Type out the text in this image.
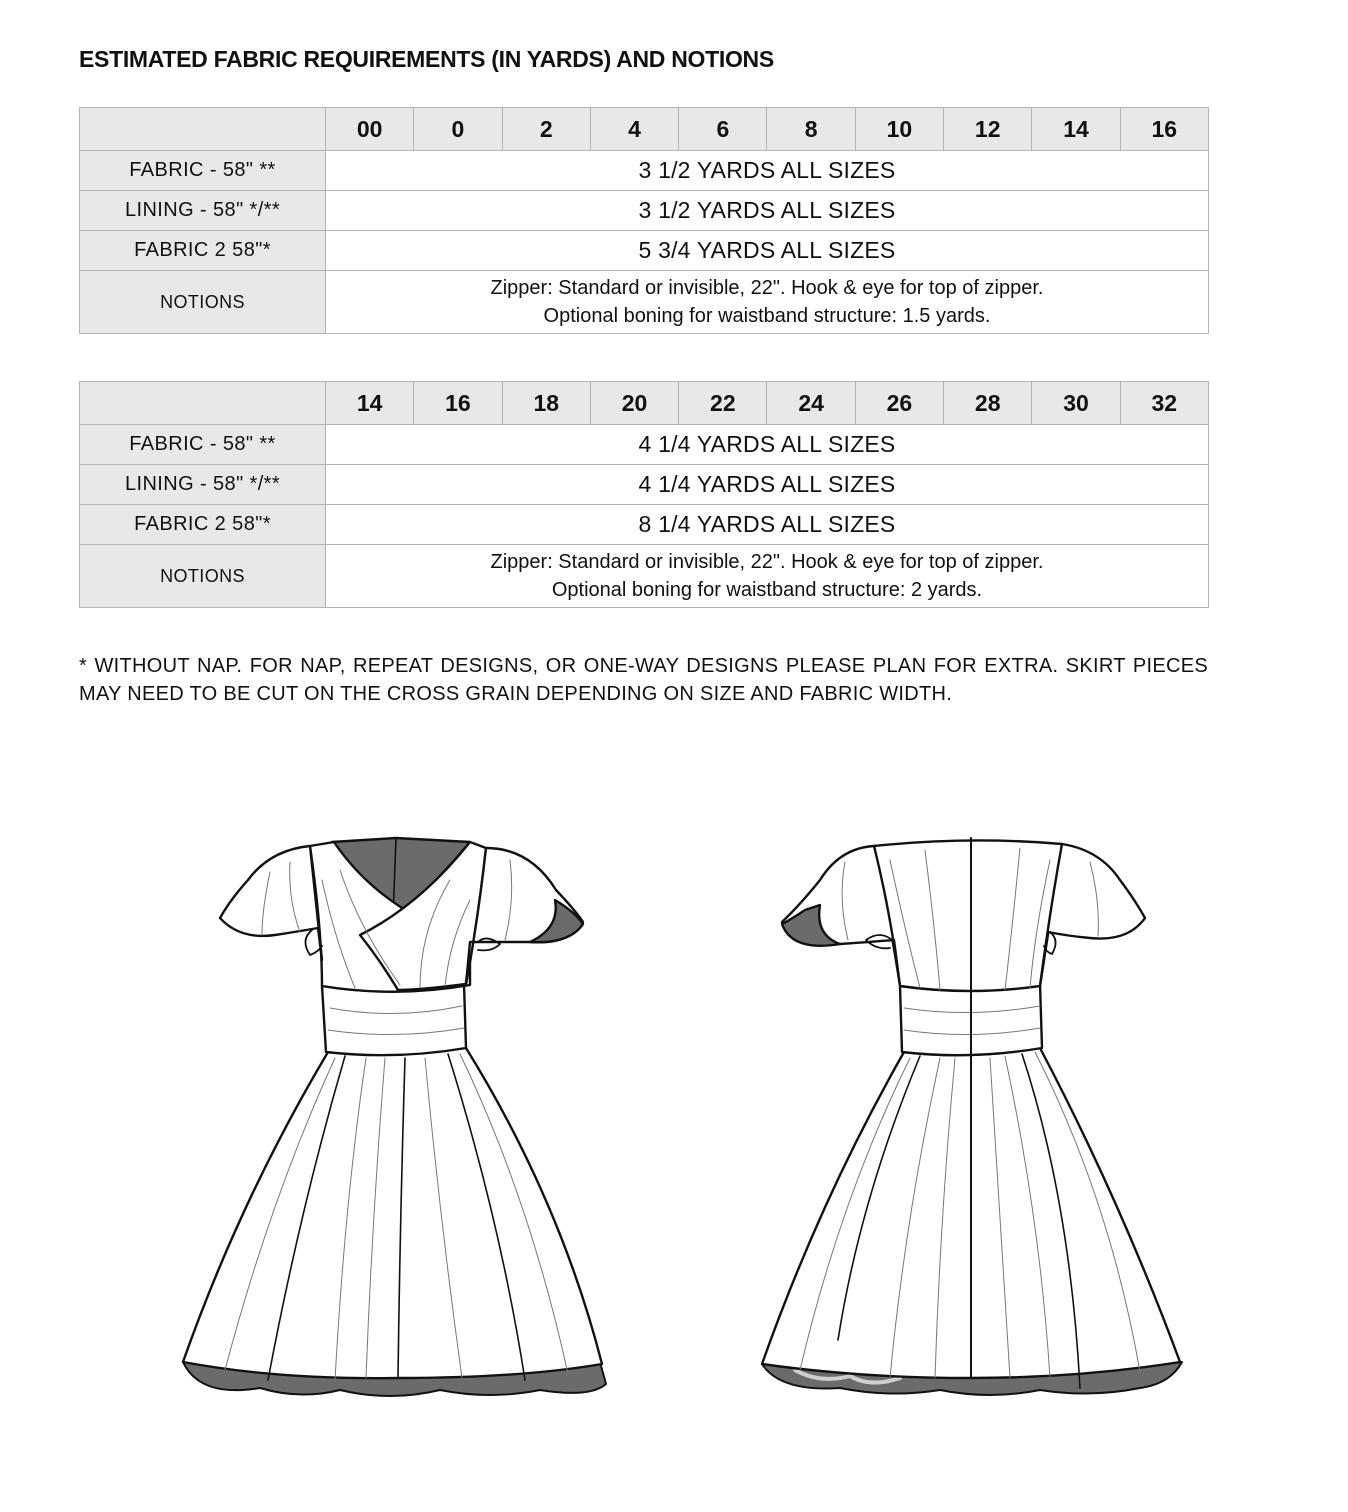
ESTIMATED FABRIC REQUIREMENTS (IN YARDS) AND NOTIONS
	00	0	2	4	6	8	10	12	14	16
FABRIC - 58" **	3 1/2 YARDS ALL SIZES									
LINING - 58" */**	3 1/2 YARDS ALL SIZES									
FABRIC 2 58"*	5 3/4 YARDS ALL SIZES									
NOTIONS	Zipper: Standard or invisible, 22". Hook & eye for top of zipper.
Optional boning for waistband structure: 1.5 yards.									
	14	16	18	20	22	24	26	28	30	32
FABRIC - 58" **	4 1/4 YARDS ALL SIZES									
LINING - 58" */**	4 1/4 YARDS ALL SIZES									
FABRIC 2 58"*	8 1/4 YARDS ALL SIZES									
NOTIONS	Zipper: Standard or invisible, 22". Hook & eye for top of zipper.
Optional boning for waistband structure: 2 yards.									
* WITHOUT NAP. FOR NAP, REPEAT DESIGNS, OR ONE-WAY DESIGNS PLEASE PLAN FOR EXTRA. SKIRT PIECES MAY NEED TO BE CUT ON THE CROSS GRAIN DEPENDING ON SIZE AND FABRIC WIDTH.
